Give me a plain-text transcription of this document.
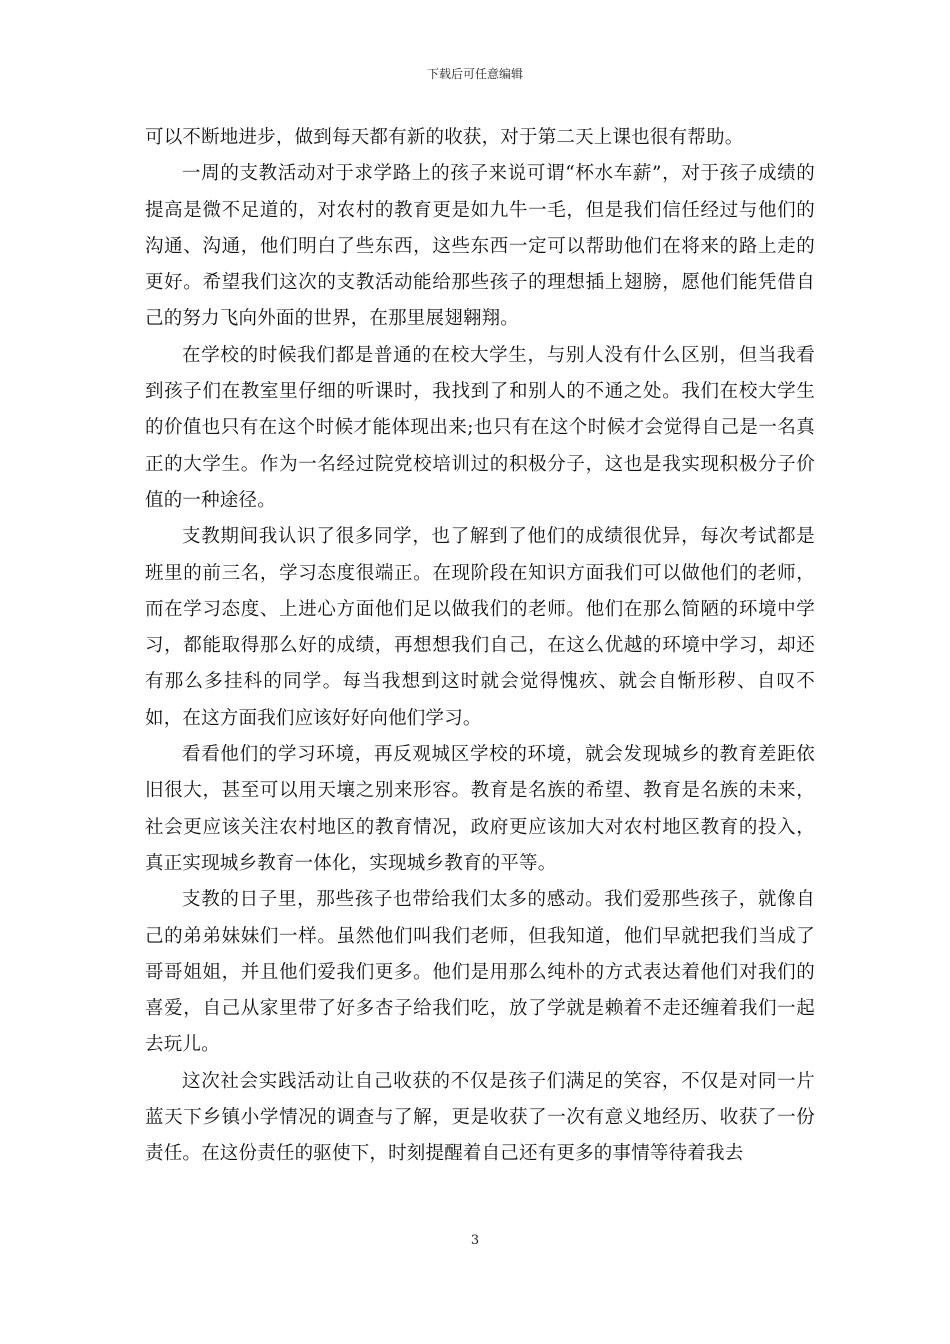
下载后可任意编辑

可以不断地进步，做到每天都有新的收获，对于第二天上课也很有帮助。

一周的支教活动对于求学路上的孩子来说可谓“杯水车薪”，对于孩子成绩的提高是微不足道的，对农村的教育更是如九牛一毛，但是我们信任经过与他们的沟通、沟通，他们明白了些东西，这些东西一定可以帮助他们在将来的路上走的更好。希望我们这次的支教活动能给那些孩子的理想插上翅膀，愿他们能凭借自己的努力飞向外面的世界，在那里展翅翱翔。

在学校的时候我们都是普通的在校大学生，与别人没有什么区别，但当我看到孩子们在教室里仔细的听课时，我找到了和别人的不通之处。我们在校大学生的价值也只有在这个时候才能体现出来;也只有在这个时候才会觉得自己是一名真正的大学生。作为一名经过院党校培训过的积极分子，这也是我实现积极分子价值的一种途径。

支教期间我认识了很多同学，也了解到了他们的成绩很优异，每次考试都是班里的前三名，学习态度很端正。在现阶段在知识方面我们可以做他们的老师，而在学习态度、上进心方面他们足以做我们的老师。他们在那么简陋的环境中学习，都能取得那么好的成绩，再想想我们自己，在这么优越的环境中学习，却还有那么多挂科的同学。每当我想到这时就会觉得愧疚、就会自惭形秽、自叹不如，在这方面我们应该好好向他们学习。

看看他们的学习环境，再反观城区学校的环境，就会发现城乡的教育差距依旧很大，甚至可以用天壤之别来形容。教育是名族的希望、教育是名族的未来，社会更应该关注农村地区的教育情况，政府更应该加大对农村地区教育的投入，真正实现城乡教育一体化，实现城乡教育的平等。

支教的日子里，那些孩子也带给我们太多的感动。我们爱那些孩子，就像自己的弟弟妹妹们一样。虽然他们叫我们老师，但我知道，他们早就把我们当成了哥哥姐姐，并且他们爱我们更多。他们是用那么纯朴的方式表达着他们对我们的喜爱，自己从家里带了好多杏子给我们吃，放了学就是赖着不走还缠着我们一起去玩儿。

这次社会实践活动让自己收获的不仅是孩子们满足的笑容，不仅是对同一片蓝天下乡镇小学情况的调查与了解，更是收获了一次有意义地经历、收获了一份责任。在这份责任的驱使下，时刻提醒着自己还有更多的事情等待着我去

3
